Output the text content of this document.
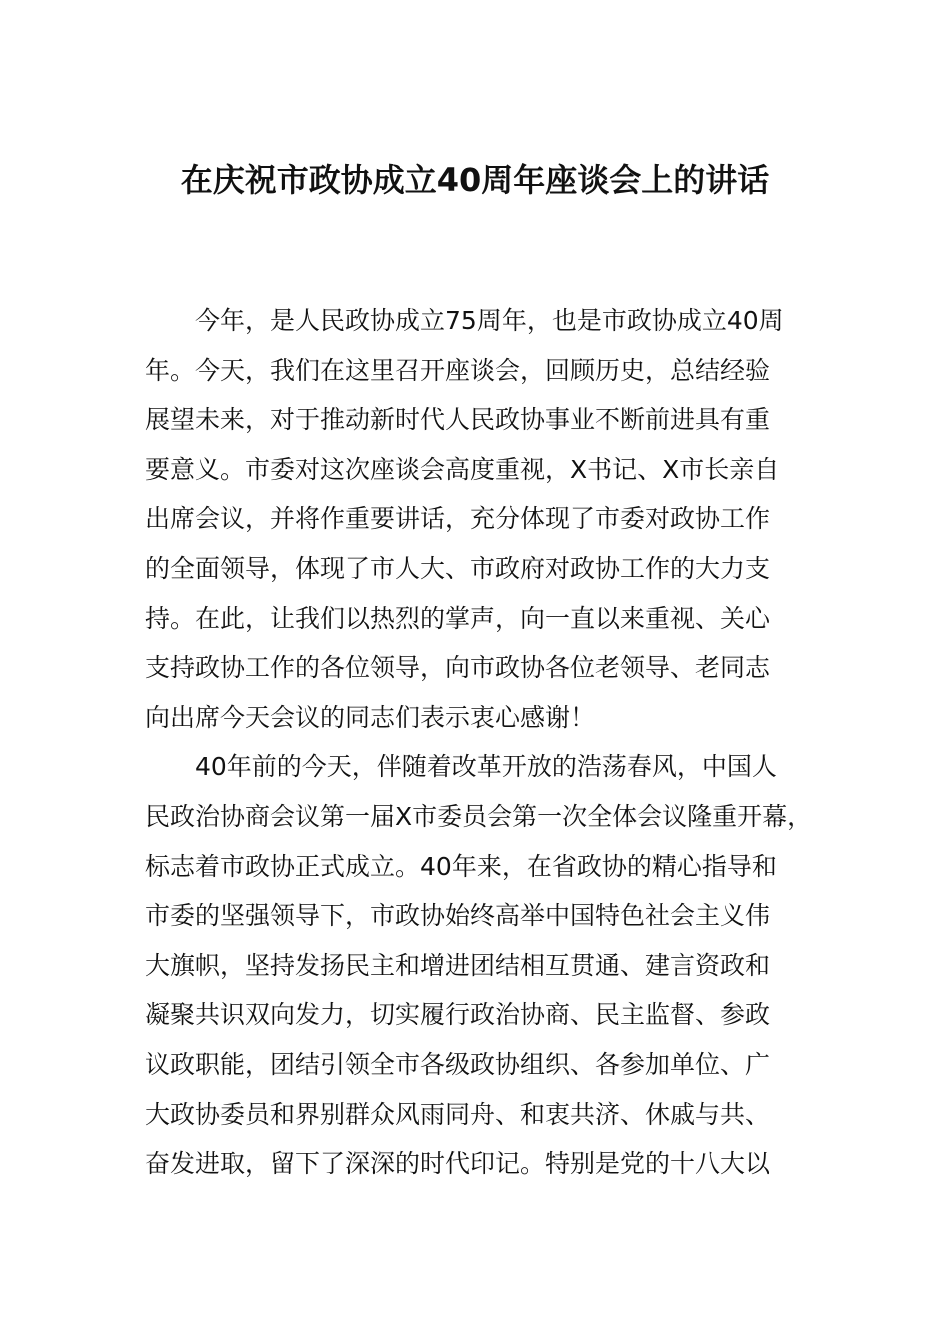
在庆祝市政协成立40周年座谈会上的讲话
今年，是人民政协成立75周年，也是市政协成立40周
年。今天，我们在这里召开座谈会，回顾历史，总结经验
展望未来，对于推动新时代人民政协事业不断前进具有重
要意义。市委对这次座谈会高度重视，X书记、X市长亲自
出席会议，并将作重要讲话，充分体现了市委对政协工作
的全面领导，体现了市人大、市政府对政协工作的大力支
持。在此，让我们以热烈的掌声，向一直以来重视、关心
支持政协工作的各位领导，向市政协各位老领导、老同志
向出席今天会议的同志们表示衷心感谢！
40年前的今天，伴随着改革开放的浩荡春风，中国人
民政治协商会议第一届X市委员会第一次全体会议隆重开幕，
标志着市政协正式成立。40年来，在省政协的精心指导和
市委的坚强领导下，市政协始终高举中国特色社会主义伟
大旗帜，坚持发扬民主和增进团结相互贯通、建言资政和
凝聚共识双向发力，切实履行政治协商、民主监督、参政
议政职能，团结引领全市各级政协组织、各参加单位、广
大政协委员和界别群众风雨同舟、和衷共济、休戚与共、
奋发进取，留下了深深的时代印记。特别是党的十八大以
